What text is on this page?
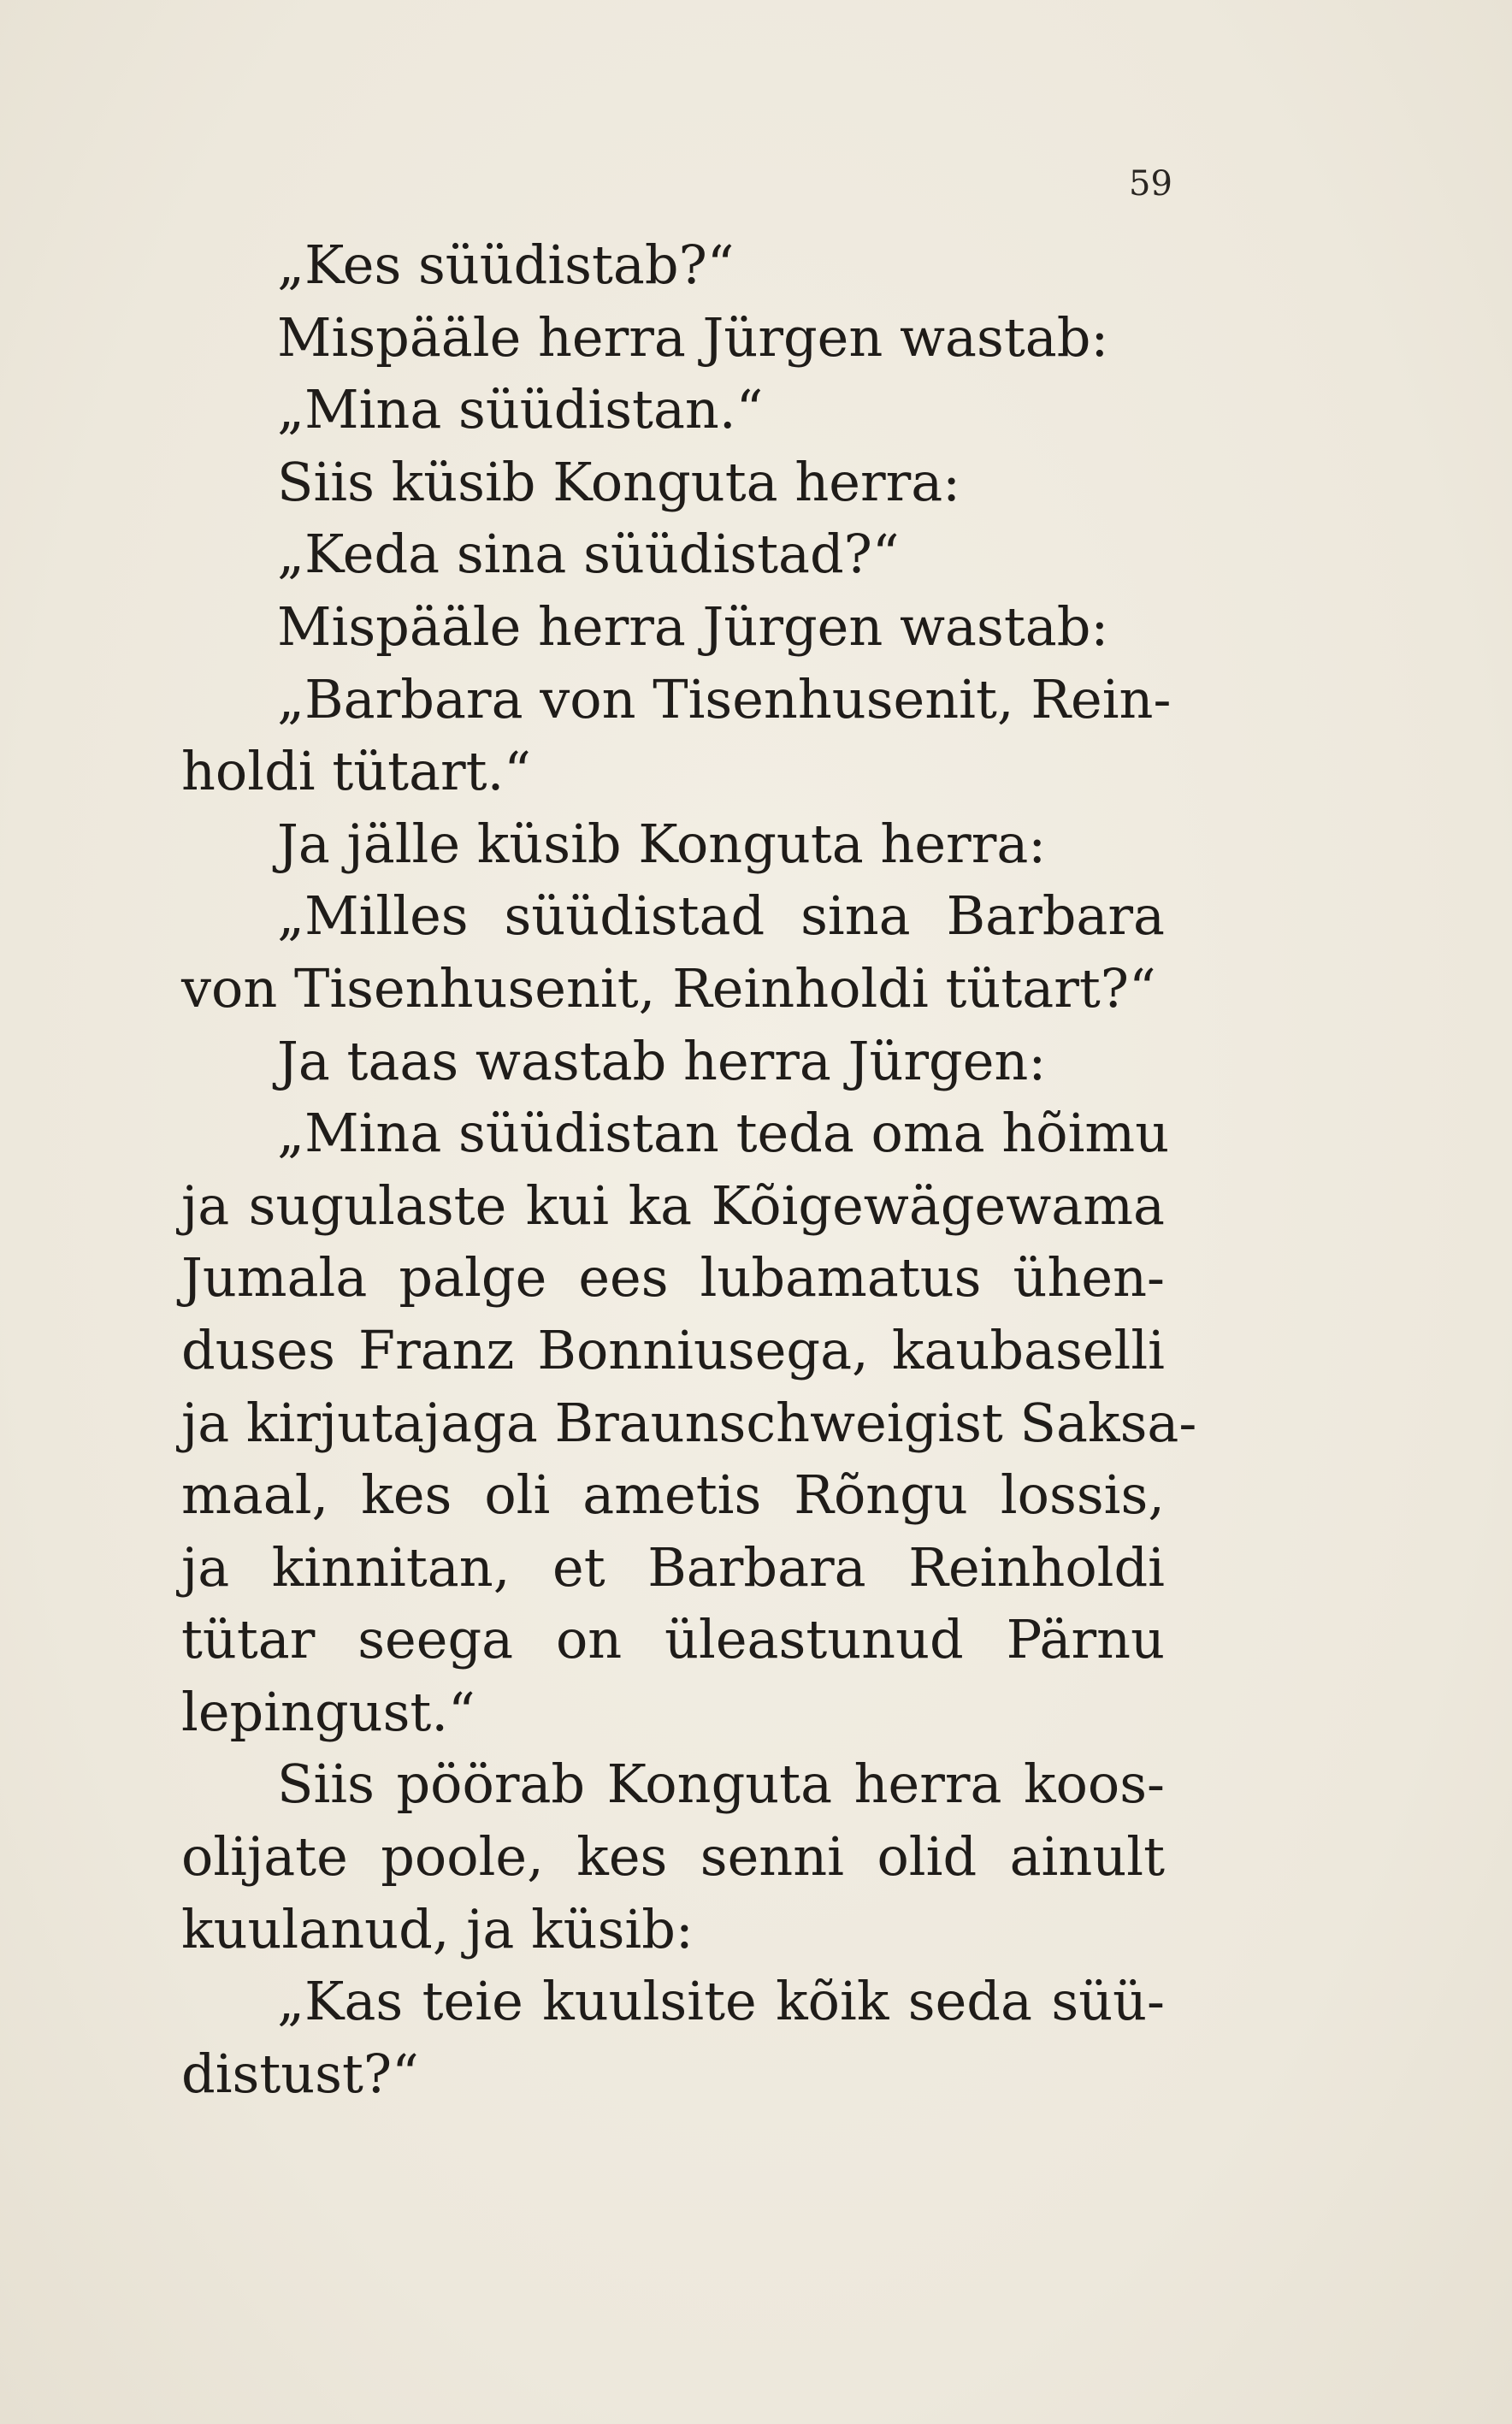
59
„Kes süüdistab?“
Mispääle herra Jürgen wastab:
„Mina süüdistan.“
Siis küsib Konguta herra:
„Keda sina süüdistad?“
Mispääle herra Jürgen wastab:
„Barbara von Tisenhusenit, Rein-
holdi tütart.“
Ja jälle küsib Konguta herra:
„Milles süüdistad sina Barbara
von Tisenhusenit, Reinholdi tütart?“
Ja taas wastab herra Jürgen:
„Mina süüdistan teda oma hõimu
ja sugulaste kui ka Kõigewägewama
Jumala palge ees lubamatus ühen-
duses Franz Bonniusega, kaubaselli
ja kirjutajaga Braunschweigist Saksa-
maal, kes oli ametis Rõngu lossis,
ja kinnitan, et Barbara Reinholdi
tütar seega on üleastunud Pärnu
lepingust.“
Siis pöörab Konguta herra koos-
olijate poole, kes senni olid ainult
kuulanud, ja küsib:
„Kas teie kuulsite kõik seda süü-
distust?“
